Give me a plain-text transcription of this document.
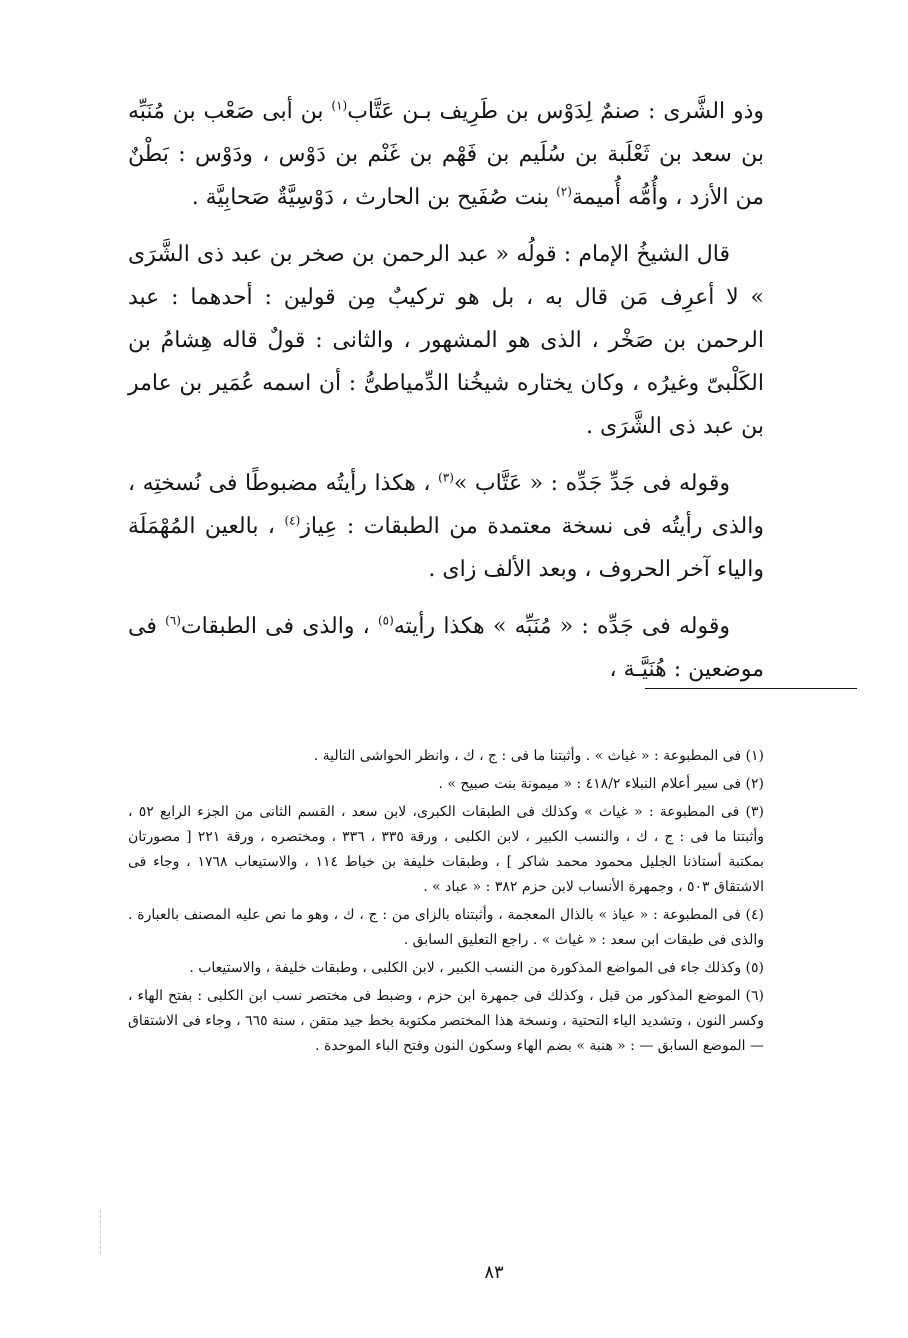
وذو الشَّرى : صنمٌ لِدَوْس بن طَرِيف بـن عَتَّاب$^{(١)}$ بن أبى صَعْب بن مُنَبِّه بن سعد بن ثَعْلَبة بن سُلَيم بن فَهْم بن غَنْم بن دَوْس ، ودَوْس : بَطْنٌ من الأزد ، وأُمُّه أُميمة$^{(٢)}$ بنت صُفَيح بن الحارث ، دَوْسِيَّةٌ صَحابِيَّة .

قال الشيخُ الإمام : قولُه « عبد الرحمن بن صخر بن عبد ذى الشَّرَى » لا أعرِف مَن قال به ، بل هو تركيبٌ مِن قولين : أحدهما : عبد الرحمن بن صَخْر ، الذى هو المشهور ، والثانى : قولٌ قاله هِشامُ بن الكَلْبىّ وغيرُه ، وكان يختاره شيخُنا الدِّمياطىُّ : أن اسمه عُمَير بن عامر بن عبد ذى الشَّرَى .

وقوله فى جَدِّ جَدِّه : « عَتَّاب »$^{(٣)}$ ، هكذا رأيتُه مضبوطًا فى نُسختِه ، والذى رأيتُه فى نسخة معتمدة من الطبقات : عِياز$^{(٤)}$ ، بالعين المُهْمَلَة والياء آخر الحروف ، وبعد الألف زاى .

وقوله فى جَدِّه : « مُنَبِّه » هكذا رأيته$^{(٥)}$ ، والذى فى الطبقات$^{(٦)}$ فى موضعين : هُنَيَّـة ،

(١) فى المطبوعة : « غياث » . وأثبتنا ما فى : ج ، ك ، وانظر الحواشى التالية .

(٢) فى سير أعلام النبلاء ٤١٨/٢ : « ميمونة بنت صبيح » .

(٣) فى المطبوعة : « غياث » وكذلك فى الطبقات الكبرى، لابن سعد ، القسم الثانى من الجزء الرابع ٥٢ ، وأثبتنا ما فى : ج ، ك ، والنسب الكبير ، لابن الكلبى ، ورقة ٣٣٥ ، ٣٣٦ ، ومختصره ، ورقة ٢٢١ [ مصورتان بمكتبة أستاذنا الجليل محمود محمد شاكر ] ، وطبقات خليفة بن خياط ١١٤ ، والاستيعاب ١٧٦٨ ، وجاء فى الاشتقاق ٥٠٣ ، وجمهرة الأنساب لابن حزم ٣٨٢ : « عباد » .

(٤) فى المطبوعة : « عياذ » بالذال المعجمة ، وأثبتناه بالزاى من : ج ، ك ، وهو ما نص عليه المصنف بالعبارة . والذى فى طبقات ابن سعد : « غياث » . راجع التعليق السابق .

(٥) وكذلك جاء فى المواضع المذكورة من النسب الكبير ، لابن الكلبى ، وطبقات خليفة ، والاستيعاب .

(٦) الموضع المذكور من قبل ، وكذلك فى جمهرة ابن حزم ، وضبط فى مختصر نسب ابن الكلبى : بفتح الهاء ، وكسر النون ، وتشديد الياء التحتية ، ونسخة هذا المختصر مكتوبة بخط جيد متقن ، سنة ٦٦٥ ، وجاء فى الاشتقاق — الموضع السابق — : « هنبة » بضم الهاء وسكون النون وفتح الباء الموحدة .

٨٣
